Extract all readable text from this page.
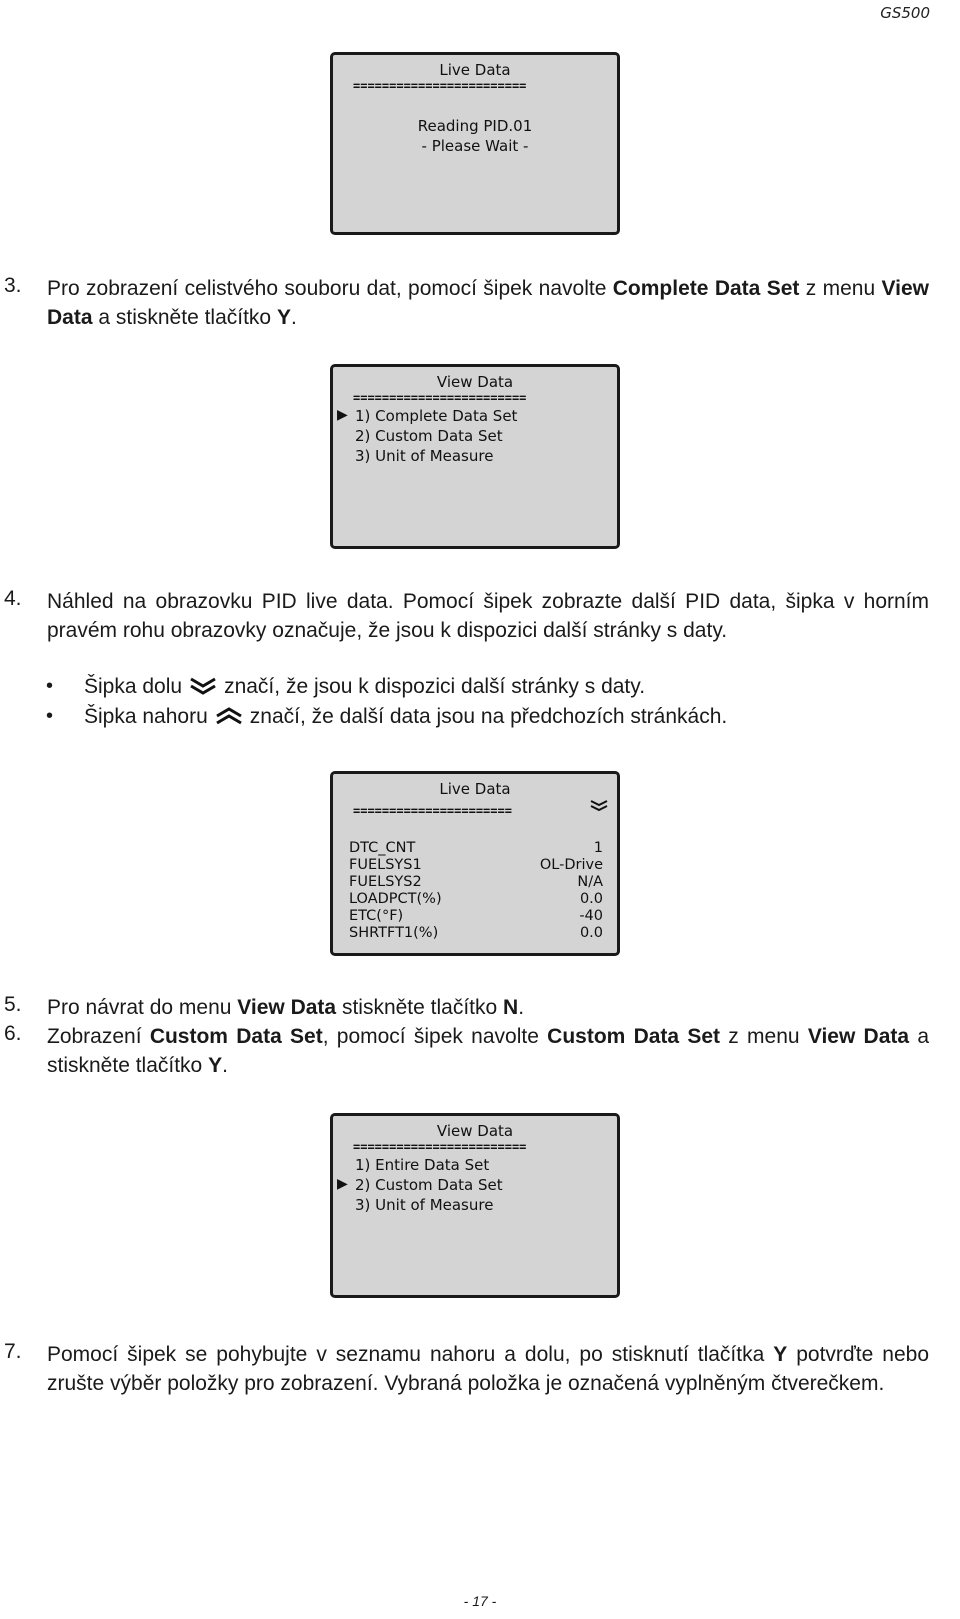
GS500
Live Data
========================
Reading PID.01
- Please Wait -
3. Pro zobrazení celistvého souboru dat, pomocí šipek navolte Complete Data Set z menu View Data a stiskněte tlačítko Y.
View Data
========================
▶ 1) Complete Data Set
2) Custom Data Set
3) Unit of Measure
4. Náhled na obrazovku PID live data. Pomocí šipek zobrazte další PID data, šipka v horním pravém rohu obrazovky označuje, že jsou k dispozici další stránky s daty.
• Šipka dolu značí, že jsou k dispozici další stránky s daty.
• Šipka nahoru značí, že další data jsou na předchozích stránkách.
Live Data
======================
DTC_CNT	1
FUELSYS1	OL-Drive
FUELSYS2	N/A
LOADPCT(%)	0.0
ETC(°F)	-40
SHRTFT1(%)	0.0
5. Pro návrat do menu View Data stiskněte tlačítko N.
6. Zobrazení Custom Data Set, pomocí šipek navolte Custom Data Set z menu View Data a stiskněte tlačítko Y.
View Data
========================
1) Entire Data Set
▶ 2) Custom Data Set
3) Unit of Measure
7. Pomocí šipek se pohybujte v seznamu nahoru a dolu, po stisknutí tlačítka Y potvrďte nebo zrušte výběr položky pro zobrazení. Vybraná položka je označená vyplněným čtverečkem.
- 17 -
